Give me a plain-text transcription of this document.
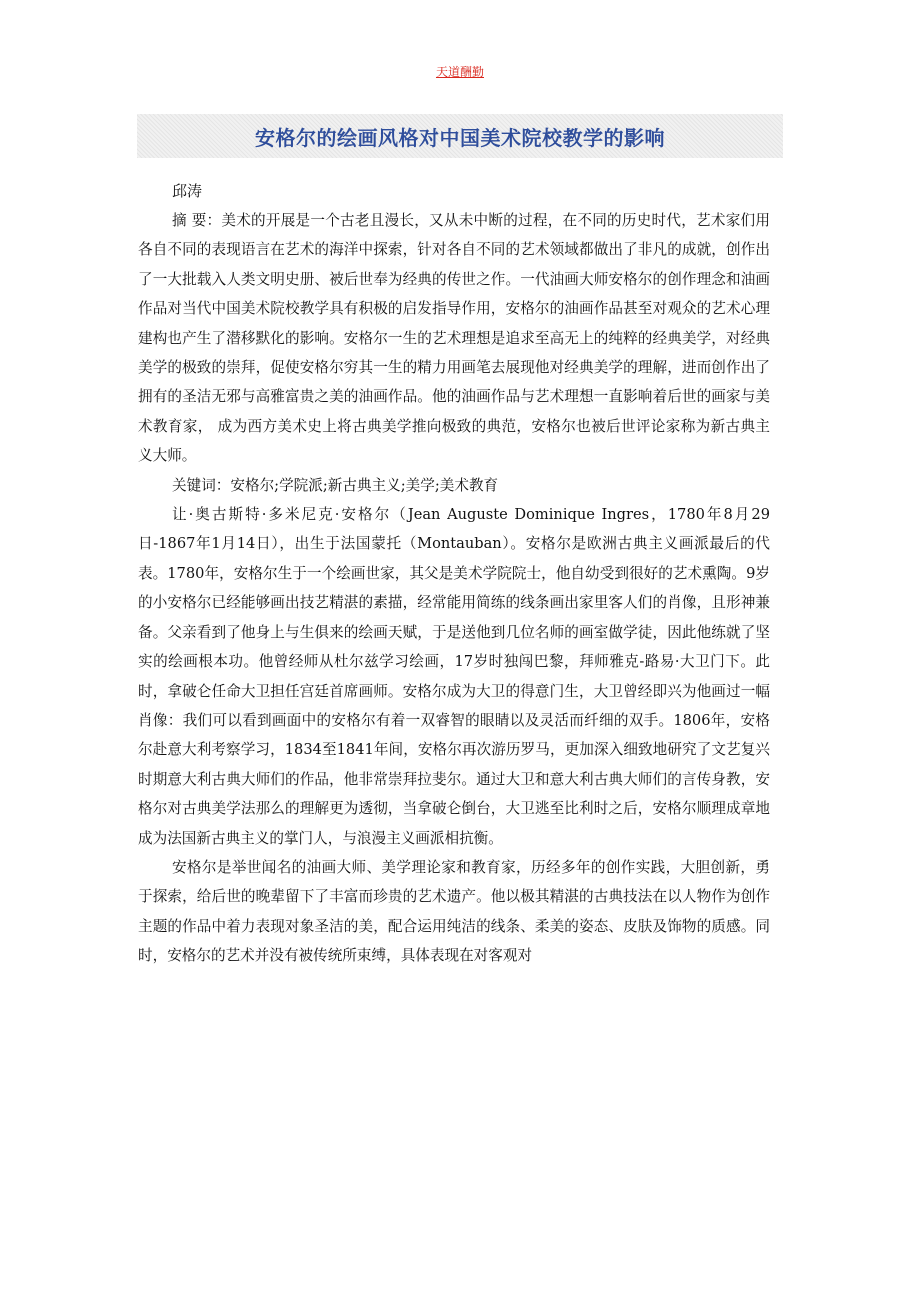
天道酬勤
安格尔的绘画风格对中国美术院校教学的影响
邱涛

摘 要：美术的开展是一个古老且漫长，又从未中断的过程，在不同的历史时代，艺术家们用各自不同的表现语言在艺术的海洋中探索，针对各自不同的艺术领域都做出了非凡的成就，创作出了一大批载入人类文明史册、被后世奉为经典的传世之作。一代油画大师安格尔的创作理念和油画作品对当代中国美术院校教学具有积极的启发指导作用，安格尔的油画作品甚至对观众的艺术心理建构也产生了潜移默化的影响。安格尔一生的艺术理想是追求至高无上的纯粹的经典美学，对经典美学的极致的崇拜，促使安格尔穷其一生的精力用画笔去展现他对经典美学的理解，进而创作出了拥有的圣洁无邪与高雅富贵之美的油画作品。他的油画作品与艺术理想一直影响着后世的画家与美术教育家， 成为西方美术史上将古典美学推向极致的典范，安格尔也被后世评论家称为新古典主义大师。

关键词：安格尔;学院派;新古典主义;美学;美术教育

让·奥古斯特·多米尼克·安格尔（Jean Auguste Dominique Ingres，1780年8月29日-1867年1月14日），出生于法国蒙托（Montauban）。安格尔是欧洲古典主义画派最后的代表。1780年，安格尔生于一个绘画世家，其父是美术学院院士，他自幼受到很好的艺术熏陶。9岁的小安格尔已经能够画出技艺精湛的素描，经常能用简练的线条画出家里客人们的肖像，且形神兼备。父亲看到了他身上与生俱来的绘画天赋，于是送他到几位名师的画室做学徒，因此他练就了坚实的绘画根本功。他曾经师从杜尔兹学习绘画，17岁时独闯巴黎，拜师雅克-路易·大卫门下。此时，拿破仑任命大卫担任宫廷首席画师。安格尔成为大卫的得意门生，大卫曾经即兴为他画过一幅肖像：我们可以看到画面中的安格尔有着一双睿智的眼睛以及灵活而纤细的双手。1806年，安格尔赴意大利考察学习，1834至1841年间，安格尔再次游历罗马，更加深入细致地研究了文艺复兴时期意大利古典大师们的作品，他非常崇拜拉斐尔。通过大卫和意大利古典大师们的言传身教，安格尔对古典美学法那么的理解更为透彻，当拿破仑倒台，大卫逃至比利时之后，安格尔顺理成章地成为法国新古典主义的掌门人，与浪漫主义画派相抗衡。

安格尔是举世闻名的油画大师、美学理论家和教育家，历经多年的创作实践，大胆创新，勇于探索，给后世的晚辈留下了丰富而珍贵的艺术遗产。他以极其精湛的古典技法在以人物作为创作主题的作品中着力表现对象圣洁的美，配合运用纯洁的线条、柔美的姿态、皮肤及饰物的质感。同时，安格尔的艺术并没有被传统所束缚，具体表现在对客观对
